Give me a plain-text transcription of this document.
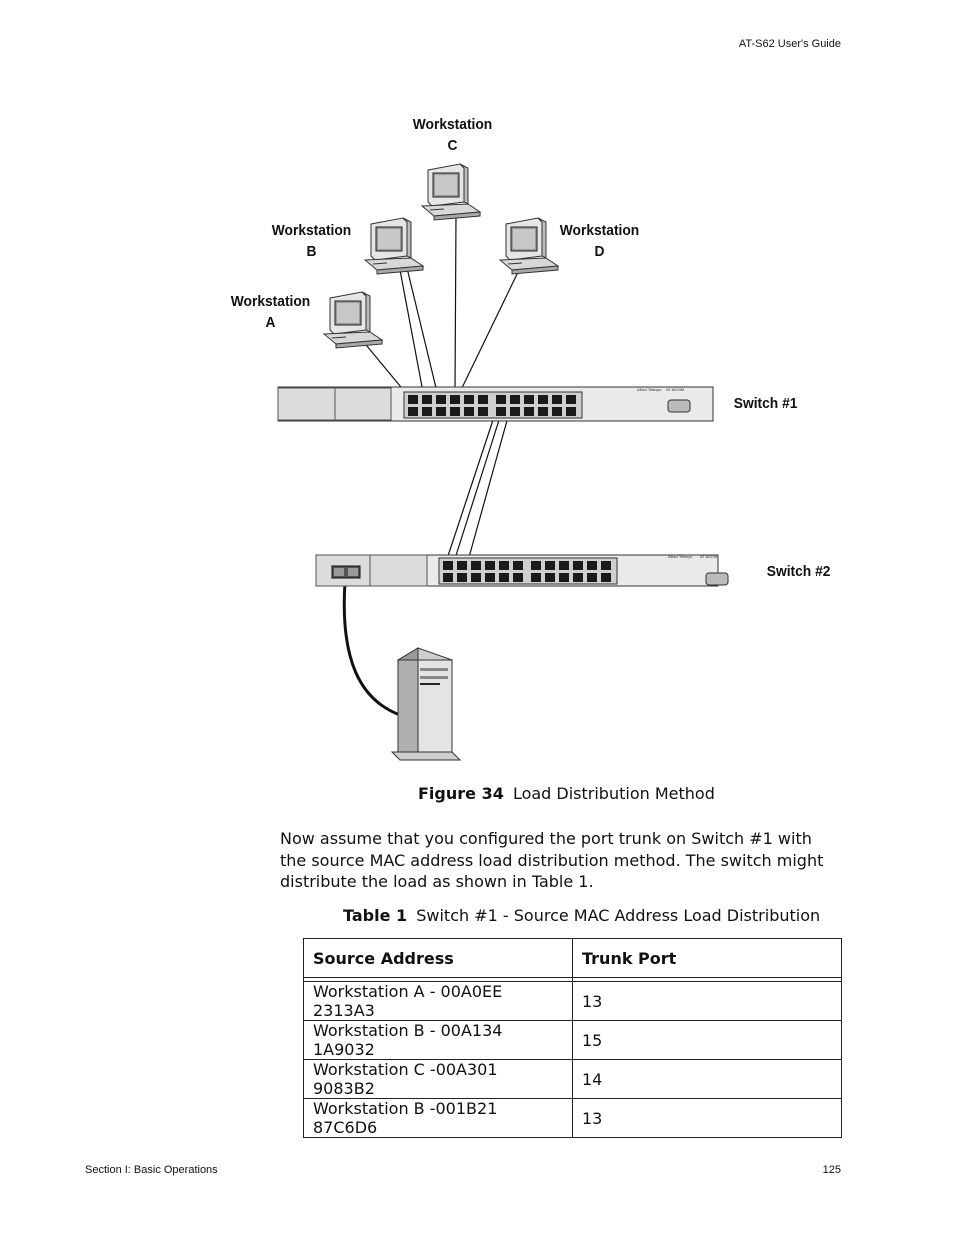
AT-S62 User's Guide
Allied Telesyn AT-8024M
Allied Telesyn AT-8024M
Workstation
C
Workstation
B
Workstation
D
Workstation
A
Switch #1
Switch #2
Figure 34 Load Distribution Method
Now assume that you configured the port trunk on Switch #1 with the source MAC address load distribution method. The switch might distribute the load as shown in Table 1.
Table 1 Switch #1 - Source MAC Address Load Distribution
Source Address	Trunk Port

Workstation A - 00A0EE 2313A3	13
Workstation B - 00A134 1A9032	15
Workstation C -00A301 9083B2	14
Workstation B -001B21 87C6D6	13
Section I: Basic Operations	125
